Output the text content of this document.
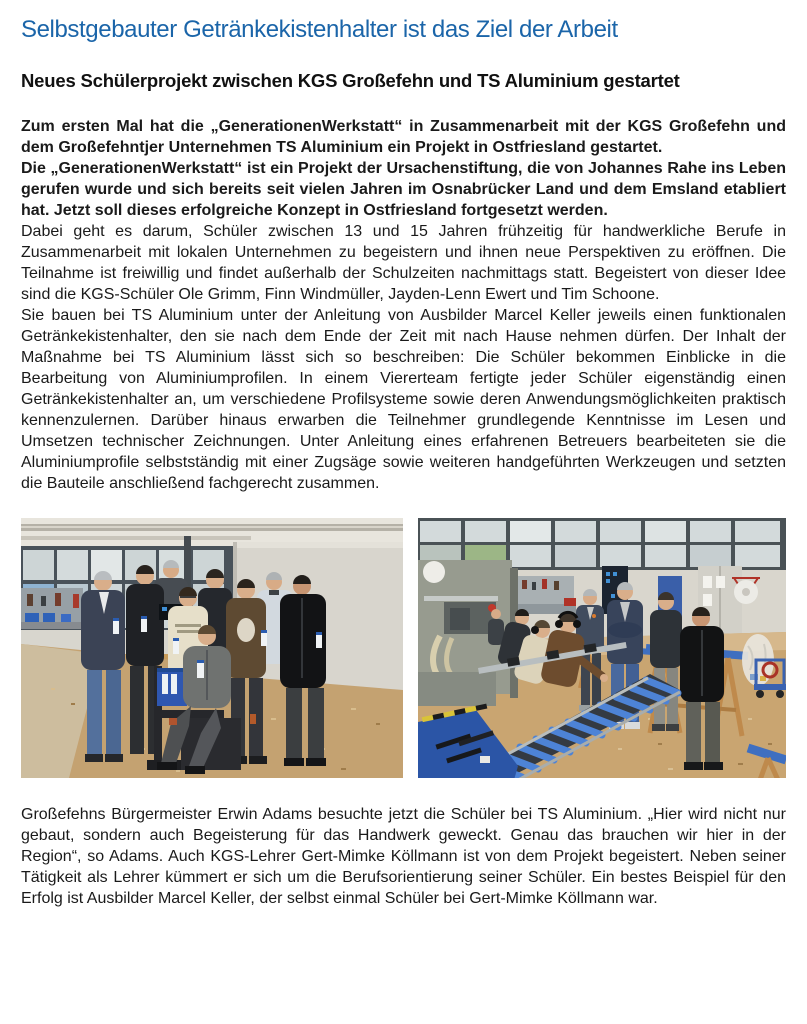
Selbstgebauter Getränkekistenhalter ist das Ziel der Arbeit
Neues Schülerprojekt zwischen KGS Großefehn und TS Aluminium gestartet

Zum ersten Mal hat die „GenerationenWerkstatt“ in Zusammenarbeit mit der KGS Großefehn und dem Großefehntjer Unternehmen TS Aluminium ein Projekt in Ostfriesland gestartet.

Die „GenerationenWerkstatt“ ist ein Projekt der Ursachenstiftung, die von Johannes Rahe ins Leben gerufen wurde und sich bereits seit vielen Jahren im Osnabrücker Land und dem Emsland etabliert hat. Jetzt soll dieses erfolgreiche Konzept in Ostfriesland fortgesetzt werden.

Dabei geht es darum, Schüler zwischen 13 und 15 Jahren frühzeitig für handwerkliche Berufe in Zusammenarbeit mit lokalen Unternehmen zu begeistern und ihnen neue Perspektiven zu eröffnen. Die Teilnahme ist freiwillig und findet außerhalb der Schulzeiten nachmittags statt. Begeistert von dieser Idee sind die KGS-Schüler Ole Grimm, Finn Windmüller, Jayden-Lenn Ewert und Tim Schoone.

Sie bauen bei TS Aluminium unter der Anleitung von Ausbilder Marcel Keller jeweils einen funktionalen Getränkekistenhalter, den sie nach dem Ende der Zeit mit nach Hause nehmen dürfen. Der Inhalt der Maßnahme bei TS Aluminium lässt sich so beschreiben: Die Schüler bekommen Einblicke in die Bearbeitung von Aluminiumprofilen. In einem Viererteam fertigte jeder Schüler eigenständig einen Getränkekistenhalter an, um verschiedene Profilsysteme sowie deren Anwendungsmöglichkeiten praktisch kennenzulernen. Darüber hinaus erwarben die Teilnehmer grundlegende Kenntnisse im Lesen und Umsetzen technischer Zeichnungen. Unter Anleitung eines erfahrenen Betreuers bearbeiteten sie die Aluminiumprofile selbstständig mit einer Zugsäge sowie weiteren handgeführten Werkzeugen und setzten die Bauteile anschließend fachgerecht zusammen.

Großefehns Bürgermeister Erwin Adams besuchte jetzt die Schüler bei TS Aluminium. „Hier wird nicht nur gebaut, sondern auch Begeisterung für das Handwerk geweckt. Genau das brauchen wir hier in der Region“, so Adams. Auch KGS-Lehrer Gert-Mimke Köllmann ist von dem Projekt begeistert. Neben seiner Tätigkeit als Lehrer kümmert er sich um die Berufsorientierung seiner Schüler. Ein bestes Beispiel für den Erfolg ist Ausbilder Marcel Keller, der selbst einmal Schüler bei Gert-Mimke Köllmann war.
